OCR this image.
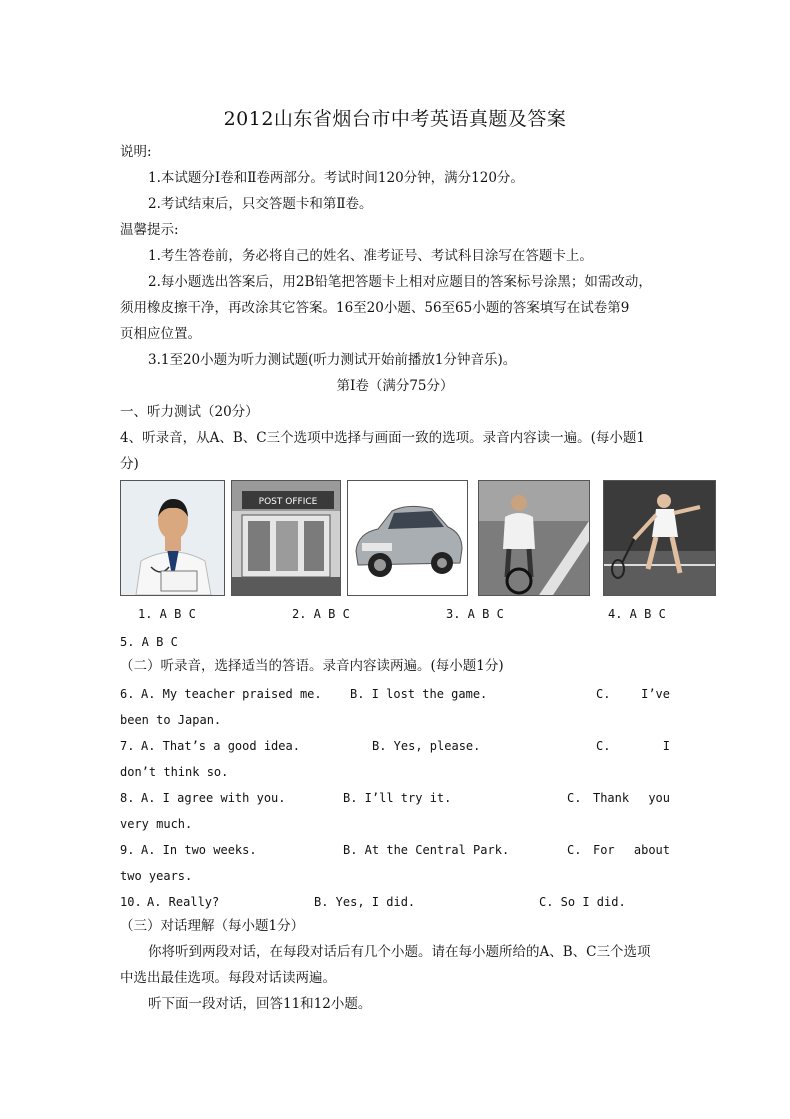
2012山东省烟台市中考英语真题及答案
说明:
1.本试题分Ⅰ卷和Ⅱ卷两部分。考试时间120分钟，满分120分。
2.考试结束后，只交答题卡和第Ⅱ卷。
温馨提示:
1.考生答卷前，务必将自己的姓名、准考证号、考试科目涂写在答题卡上。
2.每小题选出答案后，用2B铅笔把答题卡上相对应题目的答案标号涂黑；如需改动，
须用橡皮擦干净，再改涂其它答案。16至20小题、56至65小题的答案填写在试卷第9
页相应位置。
3.1至20小题为听力测试题(听力测试开始前播放1分钟音乐)。
第Ⅰ卷（满分75分）
一、听力测试（20分）
4、听录音，从A、B、C三个选项中选择与画面一致的选项。录音内容读一遍。(每小题1
分)
POST OFFICE
1. A B C	2. A B C	3. A B C	4. A B C
5. A B C
（二）听录音，选择适当的答语。录音内容读两遍。(每小题1分)
6. A. My teacher praised me. B. I lost the game.	C.	I’ve
been to Japan.
7. A. That’s a good idea.	B. Yes, please.	C.	I
don’t think so.
8. A. I agree with you.	B. I’ll try it.	C. Thank you
very much.
9. A. In two weeks.	B. At the Central Park.	C. For about
two years.
10. A. Really?	B. Yes, I did.	C. So I did.
（三）对话理解（每小题1分）
你将听到两段对话，在每段对话后有几个小题。请在每小题所给的A、B、C三个选项
中选出最佳选项。每段对话读两遍。
听下面一段对话，回答11和12小题。
